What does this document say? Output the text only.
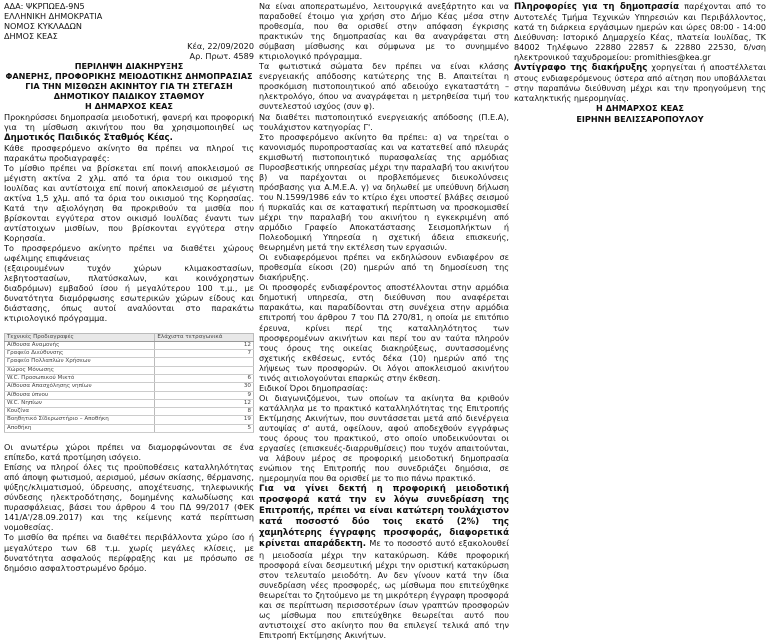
ΑΔΑ: ΨΚΡΠΩΕΔ-9Ν5

ΕΛΛΗΝΙΚΗ ΔΗΜΟΚΡΑΤΙΑ

ΝΟΜΟΣ ΚΥΚΛΑΔΩΝ

ΔΗΜΟΣ ΚΕΑΣ

Κέα, 22/09/2020

Αρ. Πρωτ. 4589

ΠΕΡΙΛΗΨΗ ΔΙΑΚΗΡΥΞΗΣ

ΦΑΝΕΡΗΣ, ΠΡΟΦΟΡΙΚΗΣ ΜΕΙΟΔΟΤΙΚΗΣ ΔΗΜΟΠΡΑΣΙΑΣ

ΓΙΑ ΤΗΝ ΜΙΣΘΩΣΗ ΑΚΙΝΗΤΟΥ ΓΙΑ ΤΗ ΣΤΕΓΑΣΗ

ΔΗΜΟΤΙΚΟΥ ΠΑΙΔΙΚΟΥ ΣΤΑΘΜΟΥ

Η ΔΗΜΑΡΧΟΣ ΚΕΑΣ

Προκηρύσσει δημοπρασία μειοδοτική, φανερή και προφορική για τη μίσθωση ακινήτου που θα χρησιμοποιηθεί ως Δημοτικός Παιδικός Σταθμός Κέας.

Κάθε προσφερόμενο ακίνητο θα πρέπει να πληροί τις παρακάτω προδιαγραφές:

Το μίσθιο πρέπει να βρίσκεται επί ποινή αποκλεισμού σε μέγιστη ακτίνα 2 χλμ. από τα όρια του οικισμού της Ιουλίδας και αντίστοιχα επί ποινή αποκλεισμού σε μέγιστη ακτίνα 1,5 χλμ. από τα όρια του οικισμού της Κορησσίας. Κατά την αξιολόγηση θα προκριθούν τα μισθία που βρίσκονται εγγύτερα στον οικισμό Ιουλίδας έναντι των αντίστοιχων μισθίων, που βρίσκονται εγγύτερα στην Κορησσία.

Το προσφερόμενο ακίνητο πρέπει να διαθέτει χώρους ωφέλιμης επιφάνειας

(εξαιρουμένων τυχόν χώρων κλιμακοστασίων, λεβητοστασίων, πλατύσκαλων, και κοινόχρηστων διαδρόμων) εμβαδού ίσου ή μεγαλύτερου 100 τ.μ., με δυνατότητα διαμόρφωσης εσωτερικών χώρων είδους και διάστασης, όπως αυτοί αναλύονται στο παρακάτω κτιριολογικό πρόγραμμα.

Τεχνικές Προδιαγραφές	Ελάχιστα τετραγωνικά
Αίθουσα Αναμονής	12
Γραφείο Διεύθυνσης	7
Γραφείο Πολλαπλών Χρήσεων	
Χώρος Μόνωσης	
W.C. Προσωπικού Μικτό	6
Αίθουσα Απασχόλησης νηπίων	30
Αίθουσα ύπνου	9
W.C. Νηπίων	12
Κουζίνα	8
Βοηθητικό Σίδερωστήριο – Αποθήκη	19
Αποθήκη	5

Οι ανωτέρω χώροι πρέπει να διαμορφώνονται σε ένα επίπεδο, κατά προτίμηση ισόγειο.

Επίσης να πληροί όλες τις προϋποθέσεις καταλληλότητας από άποψη φωτισμού, αερισμού, μέσων σκίασης, θέρμανσης, ψύξης/κλιματισμού, ύδρευσης, αποχέτευσης, τηλεφωνικής σύνδεσης ηλεκτροδότησης, δομημένης καλωδίωσης και πυρασφάλειας, βάσει του άρθρου 4 του ΠΔ 99/2017 (ΦΕΚ 141/Α'/28.09.2017) και της κείμενης κατά περίπτωση νομοθεσίας.

Το μισθίο θα πρέπει να διαθέτει περιβάλλοντα χώρο ίσο ή μεγαλύτερο των 68 τ.μ. χωρίς μεγάλες κλίσεις, με δυνατότητα ασφαλούς περίφραξης και με πρόσωπο σε δημόσιο ασφαλτοστρωμένο δρόμο.

Να είναι αποπερατωμένο, λειτουργικά ανεξάρτητο και να παραδοθεί έτοιμο για χρήση στο Δήμο Κέας μέσα στην προθεσμία, που θα ορισθεί στην απόφαση έγκρισης πρακτικών της δημοπρασίας και θα αναγράφεται στη σύμβαση μίσθωσης και σύμφωνα με το συνημμένο κτιριολογικό πρόγραμμα.

Τα φωτιστικά σώματα δεν πρέπει να είναι κλάσης ενεργειακής απόδοσης κατώτερης της Β. Απαιτείται η προσκόμιση πιστοποιητικού από αδειούχο εγκαταστάτη – ηλεκτρολόγο, όπου να αναγράφεται η μετρηθείσα τιμή του συντελεστού ισχύος (συν φ).

Να διαθέτει πιστοποιητικό ενεργειακής απόδοσης (Π.Ε.Α), τουλάχιστον κατηγορίας Γ'.

Στο προσφερόμενο ακίνητο θα πρέπει: α) να τηρείται ο κανονισμός πυροπροστασίας και να κατατεθεί από πλευράς εκμισθωτή πιστοποιητικό πυρασφαλείας της αρμόδιας Πυροσβεστικής υπηρεσίας μέχρι την παραλαβή του ακινήτου β) να παρέχονται οι προβλεπόμενες διευκολύνσεις πρόσβασης για Α.Μ.Ε.Α. γ) να δηλωθεί με υπεύθυνη δήλωση του Ν.1599/1986 εάν το κτίριο έχει υποστεί βλάβες σεισμού ή πυρκαϊάς και σε καταφατική περίπτωση να προσκομισθεί μέχρι την παραλαβή του ακινήτου η εγκεκριμένη από αρμόδιο Γραφείο Αποκατάστασης Σεισμοπλήκτων ή Πολεοδομική Υπηρεσία η σχετική άδεια επισκευής, θεωρημένη μετά την εκτέλεση των εργασιών.

Οι ενδιαφερόμενοι πρέπει να εκδηλώσουν ενδιαφέρον σε προθεσμία είκοσι (20) ημερών από τη δημοσίευση της διακήρυξης.

Οι προσφορές ενδιαφέροντος αποστέλλονται στην αρμόδια δημοτική υπηρεσία, στη διεύθυνση που αναφέρεται παρακάτω, και παραδίδονται στη συνέχεια στην αρμόδια επιτροπή του άρθρου 7 του ΠΔ 270/81, η οποία με επιτόπιο έρευνα, κρίνει περί της καταλληλότητος των προσφερομένων ακινήτων και περί του αν ταύτα πληρούν τους όρους της οικείας διακηρύξεως, συντασσομένης σχετικής εκθέσεως, εντός δέκα (10) ημερών από της λήψεως των προσφορών. Οι λόγοι αποκλεισμού ακινήτου τινός αιτιολογούνται επαρκώς στην έκθεση.

Ειδικοί Όροι δημοπρασίας:

Οι διαγωνιζόμενοι, των οποίων τα ακίνητα θα κριθούν κατάλληλα με το πρακτικό καταλληλότητας της Επιτροπής Εκτίμησης Ακινήτων, που συντάσσεται μετά από διενέργεια αυτοψίας σ' αυτά, οφείλουν, αφού αποδεχθούν εγγράφως τους όρους του πρακτικού, στο οποίο υποδεικνύονται οι εργασίες (επισκευές-διαρρυθμίσεις) που τυχόν απαιτούνται, να λάβουν μέρος σε προφορική μειοδοτική δημοπρασία ενώπιον της Επιτροπής που συνεδριάζει δημόσια, σε ημερομηνία που θα ορισθεί με το πιο πάνω πρακτικό.

Για να γίνει δεκτή η προφορική μειοδοτική προσφορά κατά την εν λόγω συνεδρίαση της Επιτροπής, πρέπει να είναι κατώτερη τουλάχιστον κατά ποσοστό δύο τοις εκατό (2%) της χαμηλότερης έγγραφης προσφοράς, διαφορετικά κρίνεται απαράδεκτη. Με το ποσοστό αυτό εξακολουθεί η μειοδοσία μέχρι την κατακύρωση. Κάθε προφορική προσφορά είναι δεσμευτική μέχρι την οριστική κατακύρωση στον τελευταίο μειοδότη. Αν δεν γίνουν κατά την ίδια συνεδρίαση νέες προσφορές, ως μίσθωμα που επιτεύχθηκε θεωρείται το ζητούμενο με τη μικρότερη έγγραφη προσφορά και σε περίπτωση περισσοτέρων ίσων γραπτών προσφορών ως μίσθωμα που επιτεύχθηκε θεωρείται αυτό που αντιστοιχεί στο ακίνητο που θα επιλεγεί τελικά από την Επιτροπή Εκτίμησης Ακινήτων.

Πληροφορίες για τη δημοπρασία παρέχονται από το Αυτοτελές Τμήμα Τεχνικών Υπηρεσιών και Περιβάλλοντος, κατά τη διάρκεια εργάσιμων ημερών και ώρες 08:00 - 14:00 Διεύθυνση: Ιστορικό Δημαρχείο Κέας, πλατεία Ιουλίδας, ΤΚ 84002 Τηλέφωνο 22880 22857 & 22880 22530, δ/νση ηλεκτρονικού ταχυδρομείου: promithies@kea.gr

Αντίγραφο της διακήρυξης χορηγείται ή αποστέλλεται στους ενδιαφερόμενους ύστερα από αίτηση που υποβάλλεται στην παραπάνω διεύθυνση μέχρι και την προηγούμενη της καταληκτικής ημερομηνίας.

Η ΔΗΜΑΡΧΟΣ ΚΕΑΣ

ΕΙΡΗΝΗ ΒΕΛΙΣΣΑΡΟΠΟΥΛΟΥ
